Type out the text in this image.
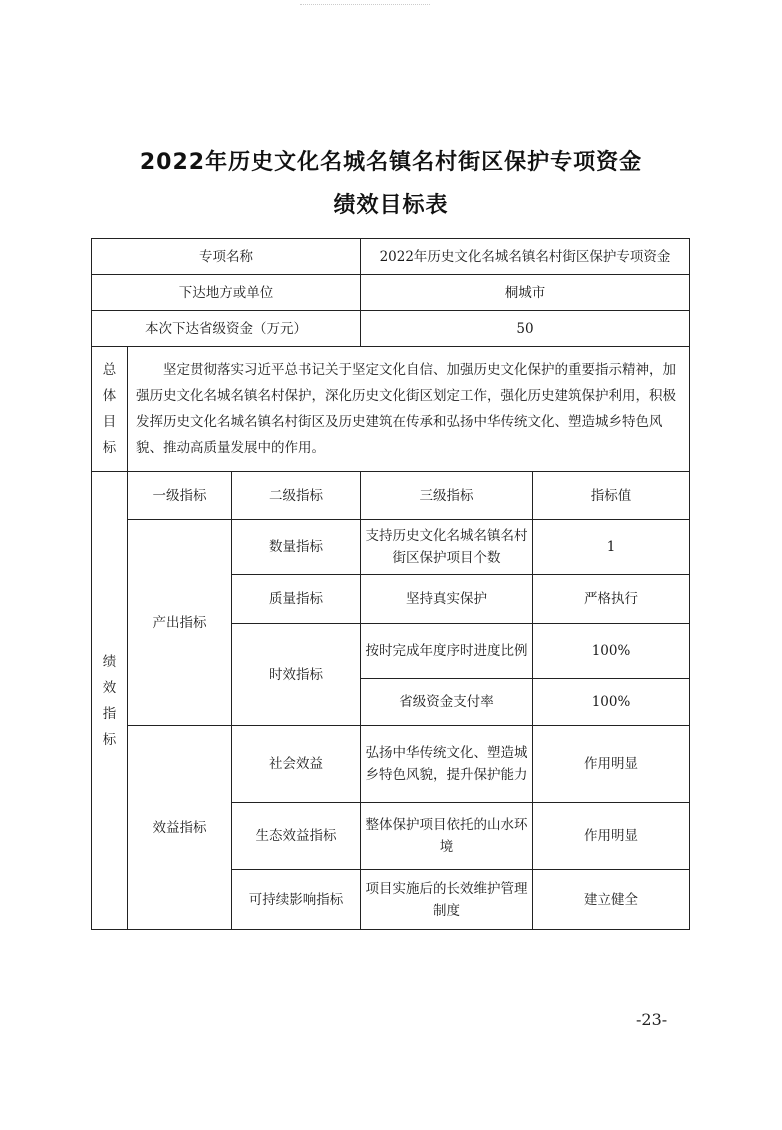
2022年历史文化名城名镇名村街区保护专项资金
绩效目标表
专项名称			2022年历史文化名城名镇名村街区保护专项资金	
下达地方或单位			桐城市	
本次下达省级资金（万元）			50	

总
体
目
标	坚定贯彻落实习近平总书记关于坚定文化自信、加强历史文化保护的重要指示精神，加强历史文化名城名镇名村保护，深化历史文化街区划定工作，强化历史建筑保护利用，积极发挥历史文化名城名镇名村街区及历史建筑在传承和弘扬中华传统文化、塑造城乡特色风貌、推动高质量发展中的作用。			

绩
效
指
标	一级指标	二级指标	三级指标	指标值
	产出指标	数量指标	支持历史文化名城名镇名村街区保护项目个数	1
		质量指标	坚持真实保护	严格执行
		时效指标	按时完成年度序时进度比例	100%
			省级资金支付率	100%
	效益指标	社会效益	弘扬中华传统文化、塑造城乡特色风貌，提升保护能力	作用明显
		生态效益指标	整体保护项目依托的山水环境	作用明显
		可持续影响指标	项目实施后的长效维护管理制度	建立健全
-23-
